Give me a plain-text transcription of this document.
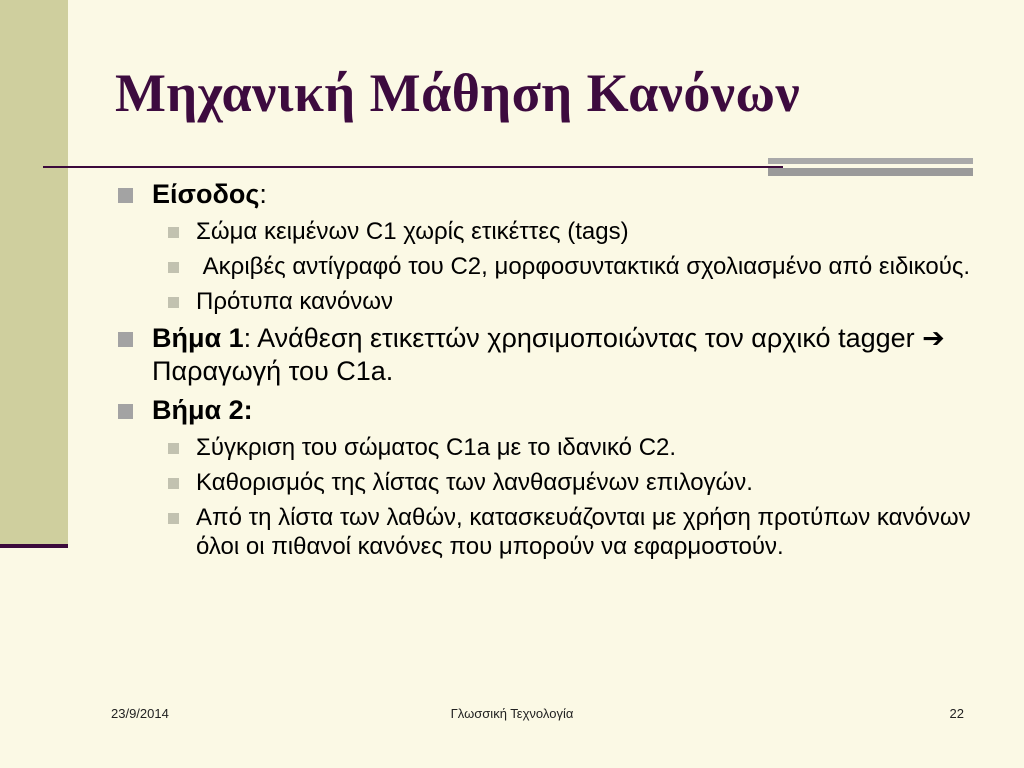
Μηχανική Μάθηση Κανόνων
Είσοδος:
Σώμα κειμένων C1 χωρίς ετικέττες (tags)
Ακριβές αντίγραφό του C2, μορφοσυντακτικά σχολιασμένο από ειδικούς.
Πρότυπα κανόνων
Βήμα 1: Ανάθεση ετικεττών χρησιμοποιώντας τον αρχικό tagger ➔ Παραγωγή του C1a.
Βήμα 2:
Σύγκριση του σώματος C1a με το ιδανικό C2.
Καθορισμός της λίστας των λανθασμένων επιλογών.
Από τη λίστα των λαθών, κατασκευάζονται με χρήση προτύπων κανόνων όλοι οι πιθανοί κανόνες που μπορούν να εφαρμοστούν.
23/9/2014	Γλωσσική Τεχνολογία	22
